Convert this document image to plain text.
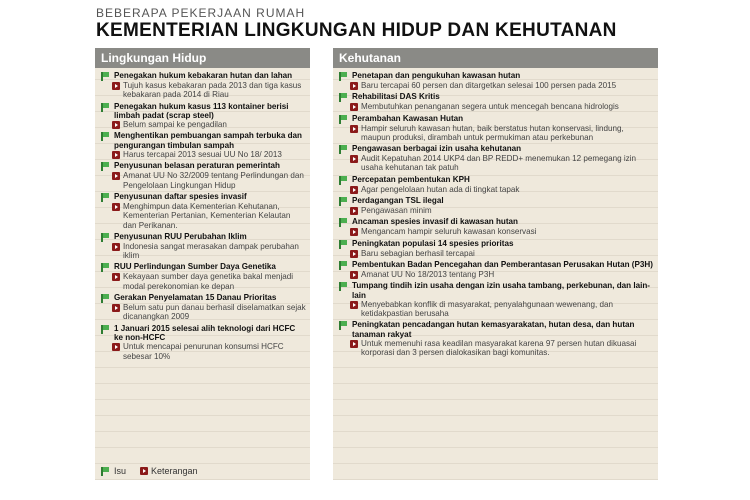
BEBERAPA PEKERJAAN RUMAH
KEMENTERIAN LINGKUNGAN HIDUP DAN KEHUTANAN
Lingkungan Hidup
Penegakan hukum kebakaran hutan dan lahan
Tujuh kasus kebakaran pada 2013 dan tiga kasus kebakaran pada 2014 di Riau
Penegakan hukum kasus 113 kontainer berisi limbah padat (scrap steel)
Belum sampai ke pengadilan
Menghentikan pembuangan sampah terbuka dan pengurangan timbulan sampah
Harus tercapai 2013 sesuai UU No 18/ 2013
Penyusunan belasan peraturan pemerintah
Amanat UU No 32/2009 tentang Perlindungan dan Pengelolaan Lingkungan Hidup
Penyusunan daftar spesies invasif
Menghimpun data Kementerian Kehutanan, Kementerian Pertanian, Kementerian Kelautan dan Perikanan.
Penyusunan RUU Perubahan Iklim
Indonesia sangat merasakan dampak perubahan iklim
RUU Perlindungan Sumber Daya Genetika
Kekayaan sumber daya genetika bakal menjadi modal perekonomian ke depan
Gerakan Penyelamatan 15 Danau Prioritas
Belum satu pun danau berhasil diselamatkan sejak dicanangkan 2009
1 Januari 2015 selesai alih teknologi dari HCFC ke non-HCFC
Untuk mencapai penurunan konsumsi HCFC sebesar 10%
Kehutanan
Penetapan dan pengukuhan kawasan hutan
Baru tercapai 60 persen dan ditargetkan selesai 100 persen pada 2015
Rehabilitasi DAS Kritis
Membutuhkan penanganan segera untuk mencegah bencana hidrologis
Perambahan Kawasan Hutan
Hampir seluruh kawasan hutan, baik berstatus hutan konservasi, lindung, maupun produksi, dirambah untuk permukiman atau perkebunan
Pengawasan berbagai izin usaha kehutanan
Audit Kepatuhan 2014 UKP4 dan BP REDD+ menemukan 12 pemegang izin usaha kehutanan tak patuh
Percepatan pembentukan KPH
Agar pengelolaan hutan ada di tingkat tapak
Perdagangan TSL ilegal
Pengawasan minim
Ancaman spesies invasif di kawasan hutan
Mengancam hampir seluruh kawasan konservasi
Peningkatan populasi 14 spesies prioritas
Baru sebagian berhasil tercapai
Pembentukan Badan Pencegahan dan Pemberantasan Perusakan Hutan (P3H)
Amanat UU No 18/2013 tentang P3H
Tumpang tindih izin usaha dengan izin usaha tambang, perkebunan, dan lain-lain
Menyebabkan konflik di masyarakat, penyalahgunaan wewenang, dan ketidakpastian berusaha
Peningkatan pencadangan hutan kemasyarakatan, hutan desa, dan hutan tanaman rakyat
Untuk memenuhi rasa keadilan masyarakat karena 97 persen hutan dikuasai korporasi dan 3 persen dialokasikan bagi komunitas.
Isu	Keterangan
